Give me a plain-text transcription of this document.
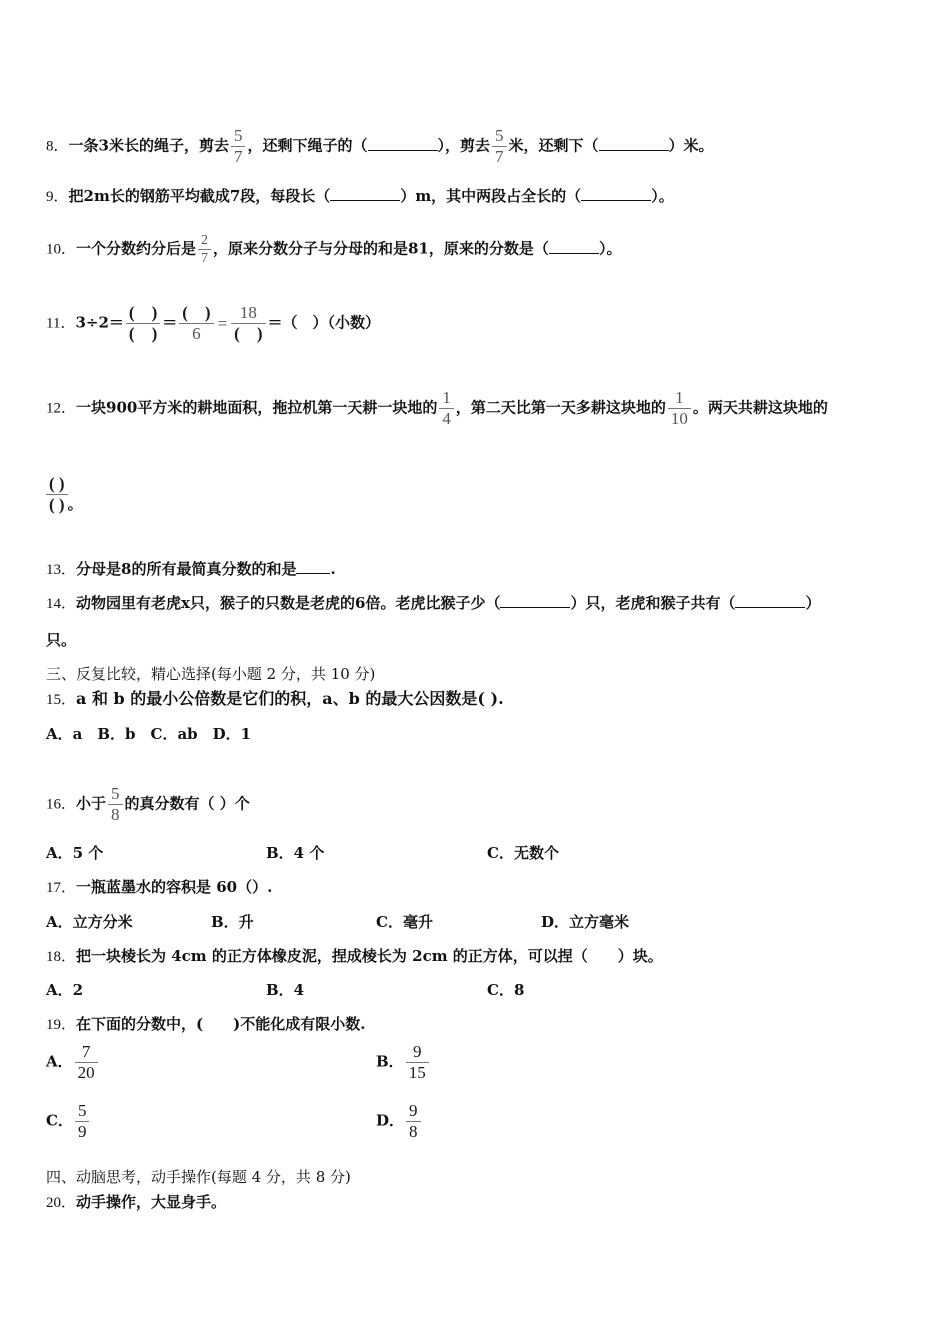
8．一条3米长的绳子，剪去 $\frac{5}{7}$ ，还剩下绳子的（	），剪去 $\frac{5}{7}$ 米，还剩下（	）米。
9．把2m长的钢筋平均截成7段，每段长（	）m，其中两段占全长的（	）。
10．一个分数约分后是 $\frac{2}{7}$ ，原来分数分子与分母的和是81，原来的分数是（	）。
11．$3\div 2= \frac{( )}{( )} = \frac{( )}{6} = \frac{18}{( )}$ ＝（　）（小数）
12．一块900平方米的耕地面积，拖拉机第一天耕一块地的 $\frac{1}{4}$ ，第二天比第一天多耕这块地的 $\frac{1}{10}$ 。两天共耕这块地的
$\frac{( )}{( )}$ 。
13．分母是8的所有最简真分数的和是 .
14．动物园里有老虎x只，猴子的只数是老虎的6倍。老虎比猴子少（	）只，老虎和猴子共有（	）
只。
三、反复比较，精心选择(每小题 2 分，共 10 分)
15．a 和 b 的最小公倍数是它们的积，a、b 的最大公因数是( ).
A．a　B．b　C．ab　D．1
16．小于 $\frac{5}{8}$ 的真分数有（ ）个
A．5 个	B．4 个	C．无数个
17．一瓶蓝墨水的容积是 60（）.
A．立方分米	B．升	C．毫升	D．立方毫米
18．把一块棱长为 4cm 的正方体橡皮泥，捏成棱长为 2cm 的正方体，可以捏（　　）块。
A．2	B．4	C．8
19．在下面的分数中，(　　)不能化成有限小数.
A． $\frac{7}{20}$	B． $\frac{9}{15}$
C． $\frac{5}{9}$	D． $\frac{9}{8}$
四、动脑思考，动手操作(每题 4 分，共 8 分)
20．动手操作，大显身手。
